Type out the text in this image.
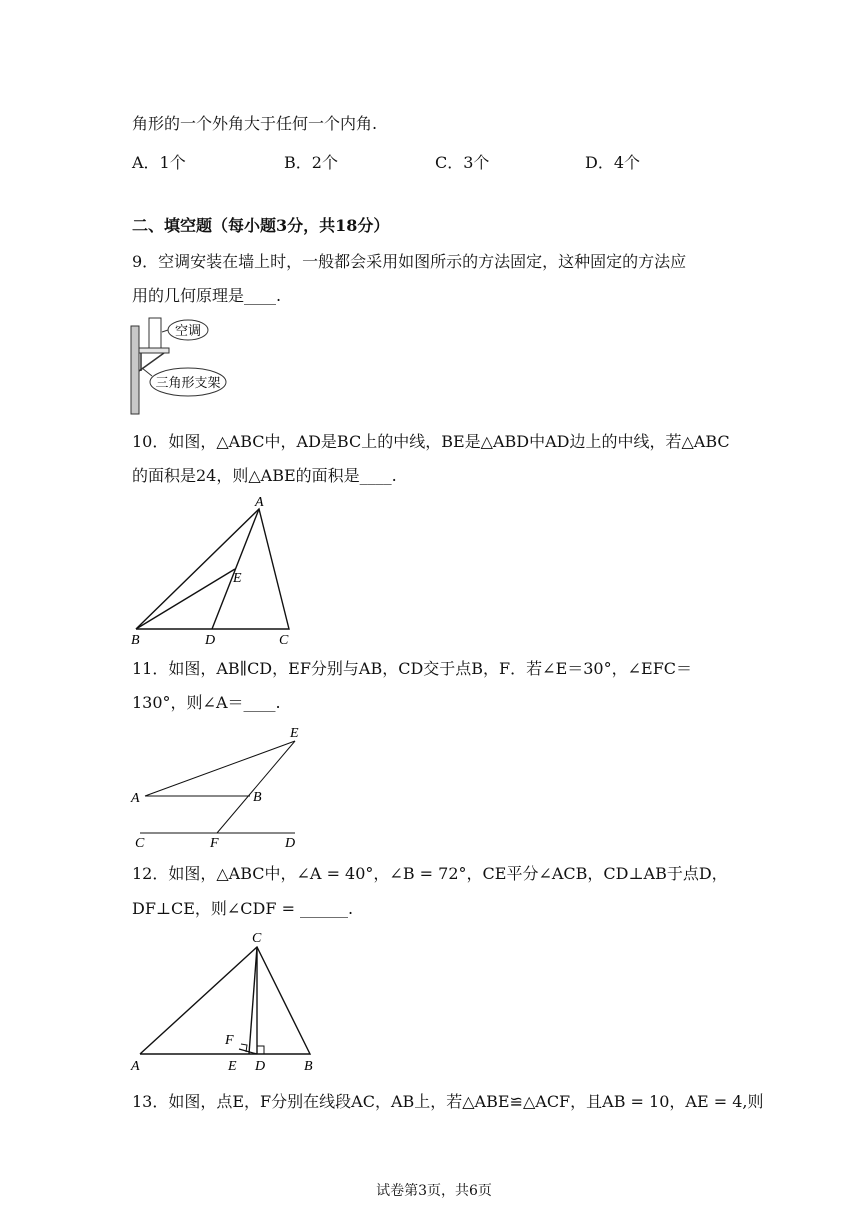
角形的一个外角大于任何一个内角.
A．1个	B．2个	C．3个	D．4个
二、填空题（每小题3分，共18分）
9．空调安装在墙上时，一般都会采用如图所示的方法固定，这种固定的方法应
用的几何原理是____.
空调
三角形支架
10．如图，△ABC中，AD是BC上的中线，BE是△ABD中AD边上的中线，若△ABC
的面积是24，则△ABE的面积是____.
A
B	C
D
E
11．如图，AB∥CD，EF分别与AB，CD交于点B，F．若∠E＝30°，∠EFC＝
130°，则∠A＝____.
A	B
C	D
E
F
12．如图，△ABC中，∠A = 40°，∠B = 72°，CE平分∠ACB，CD⊥AB于点D，
DF⊥CE，则∠CDF = ______.
A	B
C
D
E
F
13．如图，点E，F分别在线段AC，AB上，若△ABE≌△ACF，且AB = 10，AE = 4,则
试卷第3页，共6页
